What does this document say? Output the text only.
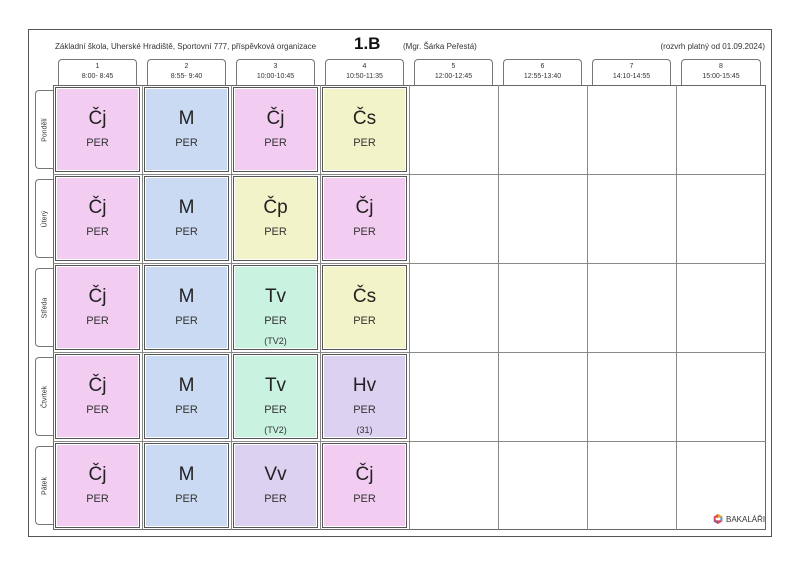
Základní škola, Uherské Hradiště, Sportovní 777, příspěvková organizace 1.B	(Mgr. Šárka Peřestá)	(rozvrh platný od 01.09.2024)
1
8:00- 8:45
2
8:55- 9:40
3
10:00-10:45
4
10:50-11:35
5
12:00-12:45
6
12:55-13:40
7
14:10-14:55
8
15:00-15:45
Pondělí
Úterý
Středa
Čtvrtek
Pátek
Čj
PER
M
PER
Čj
PER
Čs
PER
Čj
PER
M
PER
Čp
PER
Čj
PER
Čj
PER
M
PER
Tv
PER
(TV2)
Čs
PER
Čj
PER
M
PER
Tv
PER
(TV2)
Hv
PER
(31)
Čj
PER
M
PER
Vv
PER
Čj
PER
BAKALÁŘI
